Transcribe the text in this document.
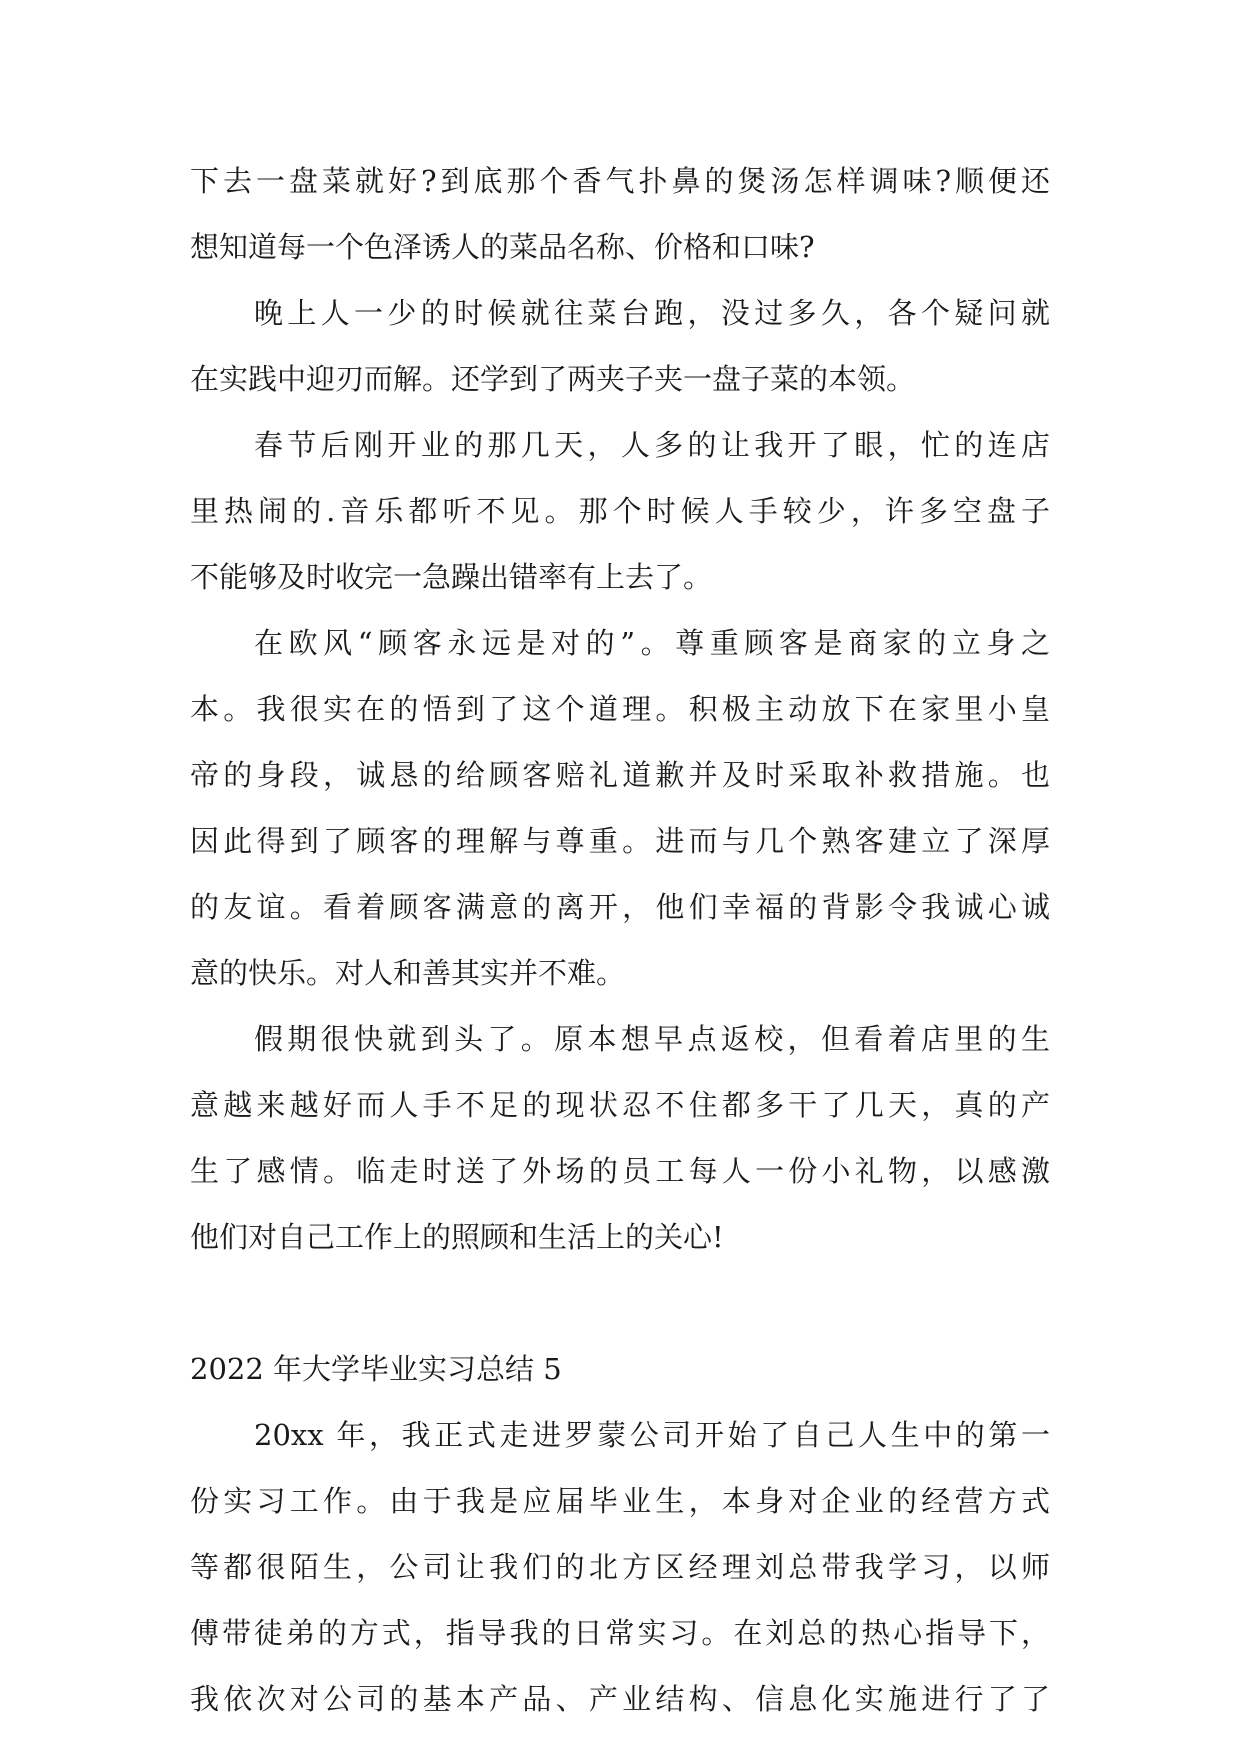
下去一盘菜就好?到底那个香气扑鼻的煲汤怎样调味?顺便还
想知道每一个色泽诱人的菜品名称、价格和口味?
晚上人一少的时候就往菜台跑，没过多久，各个疑问就
在实践中迎刃而解。还学到了两夹子夹一盘子菜的本领。
春节后刚开业的那几天，人多的让我开了眼，忙的连店
里热闹的.音乐都听不见。那个时候人手较少，许多空盘子
不能够及时收完一急躁出错率有上去了。
在欧风“顾客永远是对的”。尊重顾客是商家的立身之
本。我很实在的悟到了这个道理。积极主动放下在家里小皇
帝的身段，诚恳的给顾客赔礼道歉并及时采取补救措施。也
因此得到了顾客的理解与尊重。进而与几个熟客建立了深厚
的友谊。看着顾客满意的离开，他们幸福的背影令我诚心诚
意的快乐。对人和善其实并不难。
假期很快就到头了。原本想早点返校，但看着店里的生
意越来越好而人手不足的现状忍不住都多干了几天，真的产
生了感情。临走时送了外场的员工每人一份小礼物，以感激
他们对自己工作上的照顾和生活上的关心!
2022 年大学毕业实习总结 5
20xx 年，我正式走进罗蒙公司开始了自己人生中的第一
份实习工作。由于我是应届毕业生，本身对企业的经营方式
等都很陌生，公司让我们的北方区经理刘总带我学习，以师
傅带徒弟的方式，指导我的日常实习。在刘总的热心指导下，
我依次对公司的基本产品、产业结构、信息化实施进行了了
